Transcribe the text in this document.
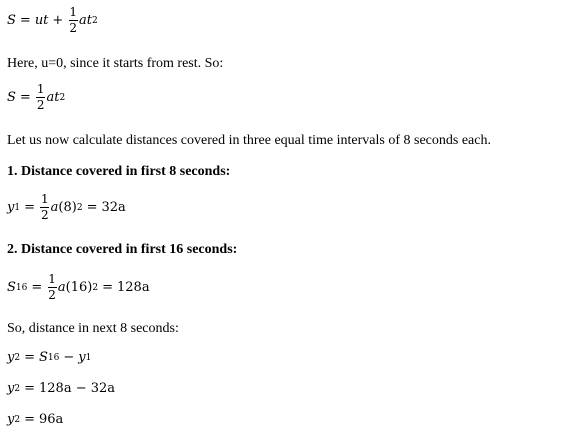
S = ut + $\frac{1}{2}$ at 2
Here, u=0, since it starts from rest. So:
$S = \frac{1}{2}$ at 2
Let us now calculate distances covered in three equal time intervals of 8 seconds each.
1. Distance covered in first 8 seconds:
y $1 = \frac{1}{2}$ a (8) 2 = 32a
2. Distance covered in first 16 seconds:
S $16 = \frac{1}{2}$ a (16) 2 = 128a
So, distance in next 8 seconds:
y 2 = S 16 − y 1
y 2 = 128a − 32a
y 2 = 96a
